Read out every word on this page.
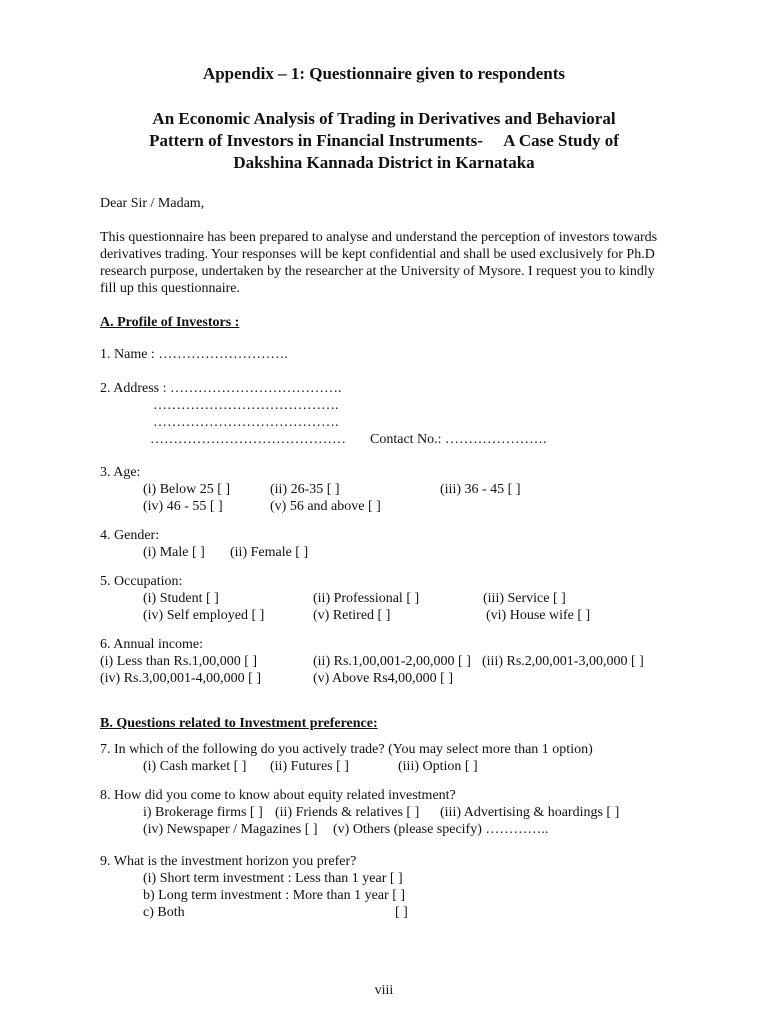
Appendix – 1: Questionnaire given to respondents
An Economic Analysis of Trading in Derivatives and Behavioral
Pattern of Investors in Financial Instruments-     A Case Study of
Dakshina Kannada District in Karnataka
Dear Sir / Madam,
This questionnaire has been prepared to analyse and understand the perception of investors towards
derivatives trading. Your responses will be kept confidential and shall be used exclusively for Ph.D
research purpose, undertaken by the researcher at the University of Mysore. I request you to kindly
fill up this questionnaire.
A. Profile of Investors :
1. Name : ……………………….
2. Address : ……………………………….
………………………………….
………………………………….
…………………………………… Contact No.: ………………….
3. Age:
(i) Below 25 [ ]	(ii) 26-35 [ ]	(iii) 36 - 45 [ ]
(iv) 46 - 55 [ ]	(v) 56 and above [ ]
4. Gender:
(i) Male [ ] (ii) Female [ ]
5. Occupation:
(i) Student [ ]	(ii) Professional [ ]	(iii) Service [ ]
(iv) Self employed [ ]	(v) Retired [ ]	(vi) House wife [ ]
6. Annual income:
(i) Less than Rs.1,00,000 [ ]	(ii) Rs.1,00,001-2,00,000 [ ] (iii) Rs.2,00,001-3,00,000 [ ]
(iv) Rs.3,00,001-4,00,000 [ ]	(v) Above Rs4,00,000 [ ]
B. Questions related to Investment preference:
7. In which of the following do you actively trade? (You may select more than 1 option)
(i) Cash market [ ] (ii) Futures [ ]	(iii) Option [ ]
8. How did you come to know about equity related investment?
i) Brokerage firms [ ] (ii) Friends & relatives [ ] (iii) Advertising & hoardings [ ]
(iv) Newspaper / Magazines [ ] (v) Others (please specify) …………..
9. What is the investment horizon you prefer?
(i) Short term investment : Less than 1 year [ ]
b) Long term investment : More than 1 year [ ]
c) Both	[ ]
viii
